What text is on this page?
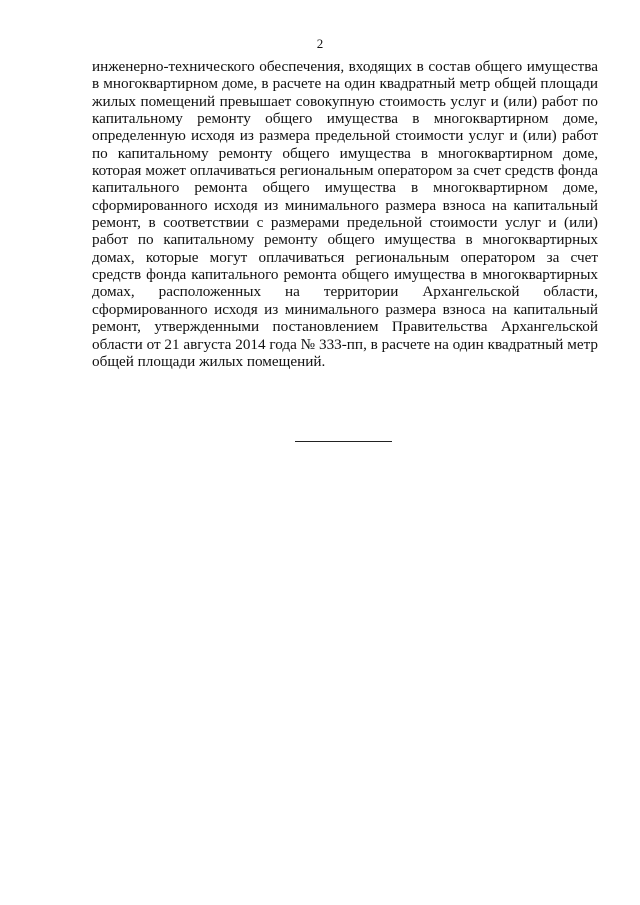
2

инженерно-технического обеспечения, входящих в состав общего имущества в многоквартирном доме, в расчете на один квадратный метр общей площади жилых помещений превышает совокупную стоимость услуг и (или) работ по капитальному ремонту общего имущества в многоквартирном доме, определенную исходя из размера предельной стоимости услуг и (или) работ по капитальному ремонту общего имущества в многоквартирном доме, которая может оплачиваться региональным оператором за счет средств фонда капитального ремонта общего имущества в многоквартирном доме, сформированного исходя из минимального размера взноса на капитальный ремонт, в соответствии с размерами предельной стоимости услуг и (или) работ по капитальному ремонту общего имущества в многоквартирных домах, которые могут оплачиваться региональным оператором за счет средств фонда капитального ремонта общего имущества в многоквартирных домах, расположенных на территории Архангельской области, сформированного исходя из минимального размера взноса на капитальный ремонт, утвержденными постановлением Правительства Архангельской области от 21 августа 2014 года № 333-пп, в расчете на один квадратный метр общей площади жилых помещений.
